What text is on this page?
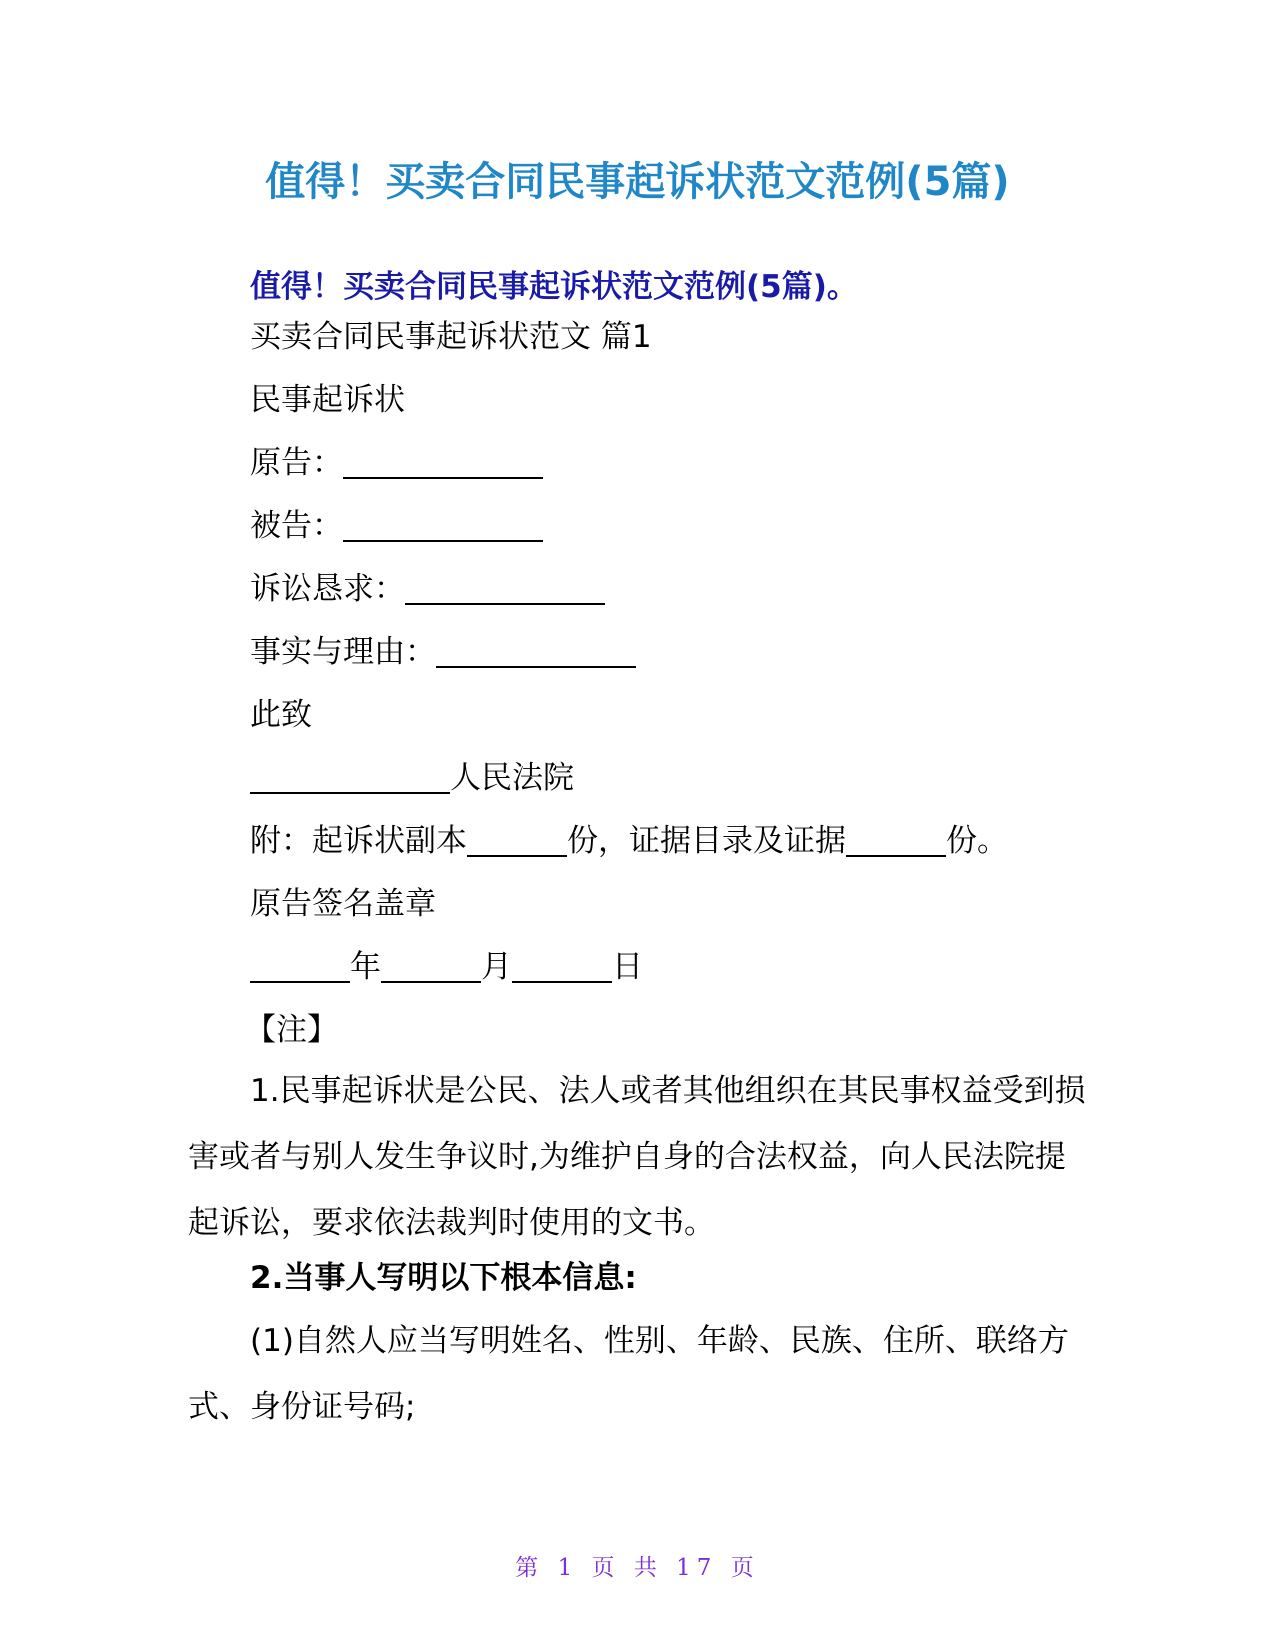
值得！买卖合同民事起诉状范文范例(5篇)
值得！买卖合同民事起诉状范文范例(5篇)。
买卖合同民事起诉状范文 篇1
民事起诉状
原告：
被告：
诉讼恳求：
事实与理由：
此致
人民法院
附：起诉状副本	份，证据目录及证据	份。
原告签名盖章
年	月	日
【注】
1.民事起诉状是公民、法人或者其他组织在其民事权益受到损害或者与别人发生争议时,为维护自身的合法权益，向人民法院提起诉讼，要求依法裁判时使用的文书。
2.当事人写明以下根本信息:
(1)自然人应当写明姓名、性别、年龄、民族、住所、联络方式、身份证号码;
第 1 页 共 17 页
